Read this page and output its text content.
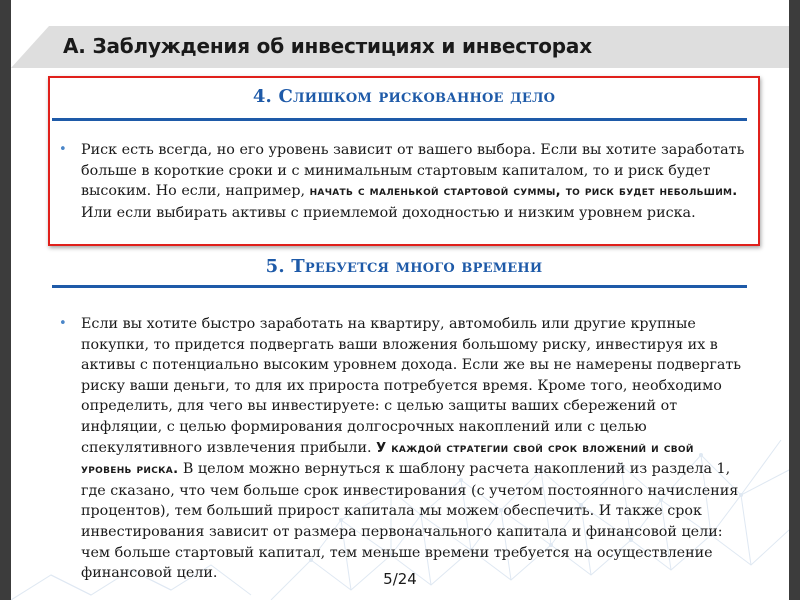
А. Заблуждения об инвестициях и инвесторах
4. Слишком рискованное дело
• Риск есть всегда, но его уровень зависит от вашего выбора. Если вы хотите заработать больше в короткие сроки и с минимальным стартовым капиталом, то и риск будет высоким. Но если, например, начать с маленькой стартовой суммы, то риск будет небольшим. Или если выбирать активы с приемлемой доходностью и низким уровнем риска.
5. Требуется много времени
• Если вы хотите быстро заработать на квартиру, автомобиль или другие крупные покупки, то придется подвергать ваши вложения большому риску, инвестируя их в активы с потенциально высоким уровнем дохода. Если же вы не намерены подвергать риску ваши деньги, то для их прироста потребуется время. Кроме того, необходимо определить, для чего вы инвестируете: с целью защиты ваших сбережений от инфляции, с целью формирования долгосрочных накоплений или с целью спекулятивного извлечения прибыли. У каждой стратегии свой срок вложений и свой уровень риска. В целом можно вернуться к шаблону расчета накоплений из раздела 1, где сказано, что чем больше срок инвестирования (с учетом постоянного начисления процентов), тем больший прирост капитала мы можем обеспечить. И также срок инвестирования зависит от размера первоначального капитала и финансовой цели: чем больше стартовый капитал, тем меньше времени требуется на осуществление финансовой цели.	5/24
